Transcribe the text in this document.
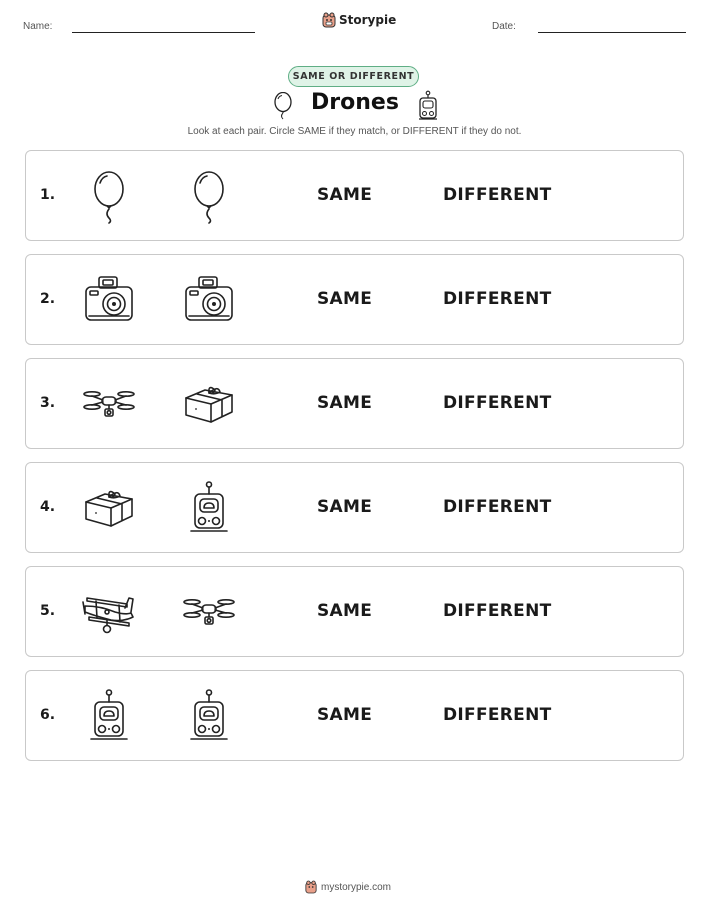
Name:	Storypie	Date:
SAME OR DIFFERENT
Drones
Look at each pair. Circle SAME if they match, or DIFFERENT if they do not.
1.	SAME	DIFFERENT
2.	SAME	DIFFERENT
3.	SAME	DIFFERENT
4.	SAME	DIFFERENT
5.	SAME	DIFFERENT
6.	SAME	DIFFERENT
mystorypie.com
